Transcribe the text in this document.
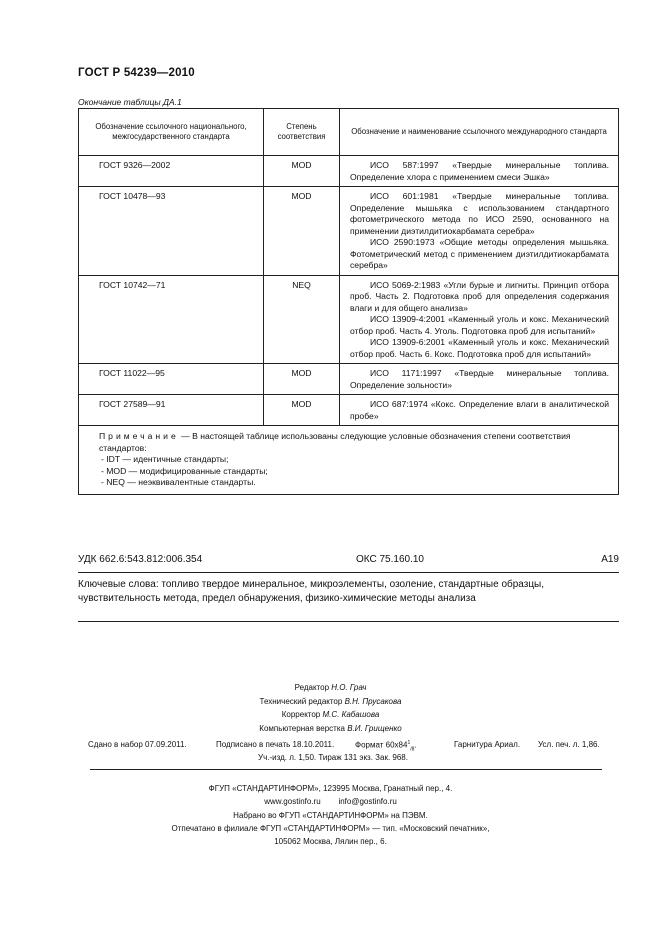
ГОСТ Р 54239—2010
Окончание таблицы ДА.1
Обозначение ссылочного национального, межгосударственного стандарта	Степень соответствия	Обозначение и наименование ссылочного международного стандарта
ГОСТ 9326—2002	MOD	ИСО 587:1997 «Твердые минеральные топлива. Определение хлора с применением смеси Эшка»

ГОСТ 10478—93	MOD	ИСО 601:1981 «Твердые минеральные топлива. Определение мышьяка с использованием стандартного фотометрического метода по ИСО 2590, основанного на применении диэтилдитиокарбамата серебра»
ИСО 2590:1973 «Общие методы определения мышьяка. Фотометрический метод с применением диэтилдитиокарбамата серебра»

ГОСТ 10742—71	NEQ	ИСО 5069-2:1983 «Угли бурые и лигниты. Принцип отбора проб. Часть 2. Подготовка проб для определения содержания влаги и для общего анализа»
ИСО 13909-4:2001 «Каменный уголь и кокс. Механический отбор проб. Часть 4. Уголь. Подготовка проб для испытаний»
ИСО 13909-6:2001 «Каменный уголь и кокс. Механический отбор проб. Часть 6. Кокс. Подготовка проб для испытаний»

ГОСТ 11022—95	MOD	ИСО 1171:1997 «Твердые минеральные топлива. Определение зольности»

ГОСТ 27589—91	MOD	ИСО 687:1974 «Кокс. Определение влаги в аналитической пробе»

Примечание — В настоящей таблице использованы следующие условные обозначения степени соответствия стандартов:
- IDT — идентичные стандарты;
- MOD — модифицированные стандарты;
- NEQ — неэквивалентные стандарты.		
УДК 662.6:543.812:006.354	ОКС 75.160.10	А19
Ключевые слова: топливо твердое минеральное, микроэлементы, озоление, стандартные образцы, чувствительность метода, предел обнаружения, физико-химические методы анализа
Редактор Н.О. Грач
Технический редактор В.Н. Прусакова
Корректор М.С. Кабашова
Компьютерная верстка В.И. Грищенко
Сдано в набор 07.09.2011.	Подписано в печать 18.10.2011.	Формат $60x84^1_{/8}$.	Гарнитура Ариал. Усл. печ. л. 1,86.
Уч.-изд. л. 1,50. Тираж 131 экз. Зак. 968.
ФГУП «СТАНДАРТИНФОРМ», 123995 Москва, Гранатный пер., 4.
www.gostinfo.ru        info@gostinfo.ru
Набрано во ФГУП «СТАНДАРТИНФОРМ» на ПЭВМ.
Отпечатано в филиале ФГУП «СТАНДАРТИНФОРМ» — тип. «Московский печатник»,
105062 Москва, Лялин пер., 6.
